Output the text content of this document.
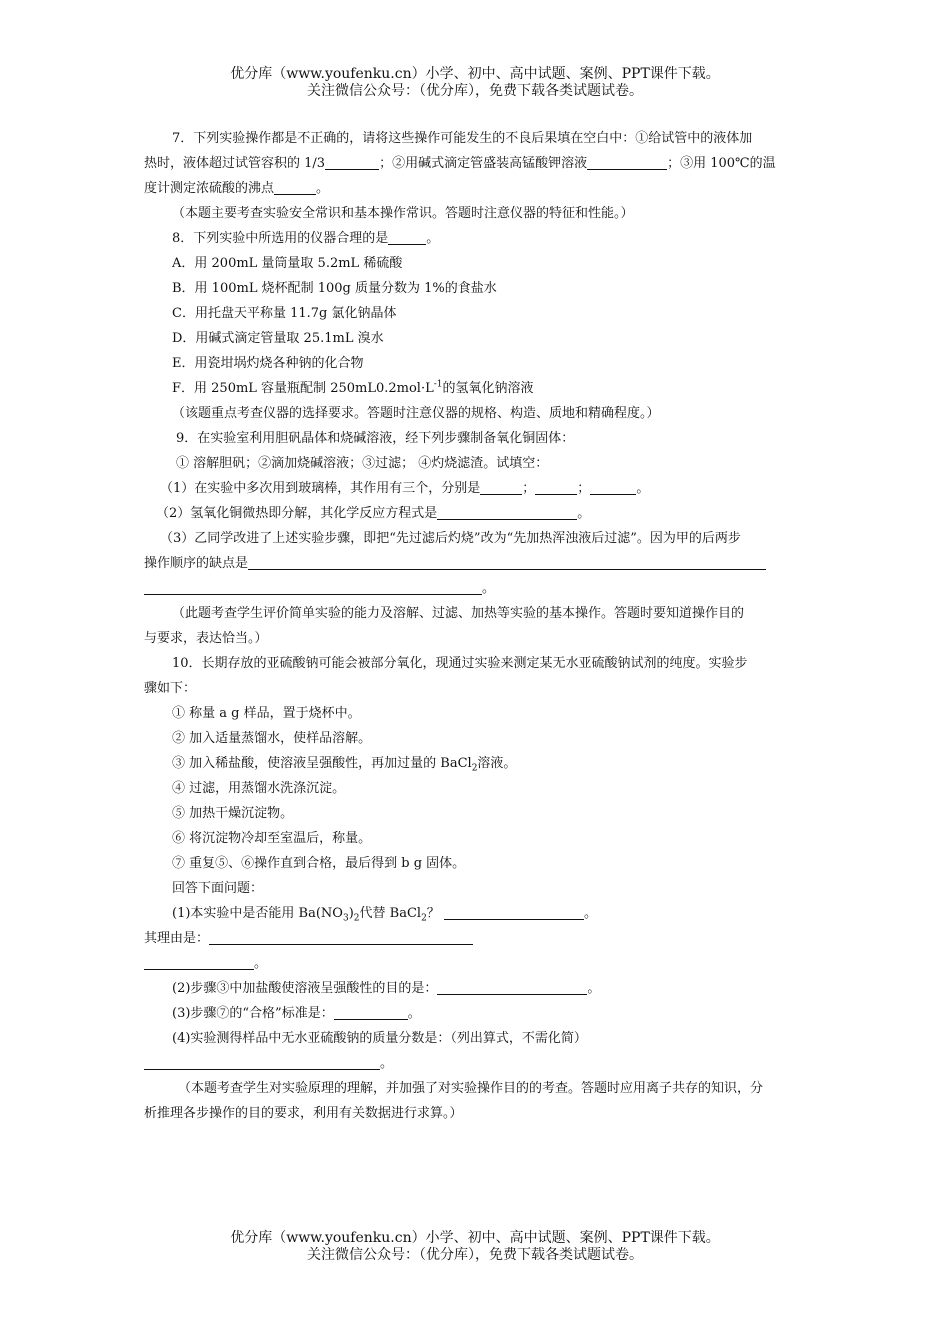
优分库（www.youfenku.cn）小学、初中、高中试题、案例、PPT课件下载。
关注微信公众号：（优分库），免费下载各类试题试卷。
7．下列实验操作都是不正确的，请将这些操作可能发生的不良后果填在空白中：①给试管中的液体加
热时，液体超过试管容积的 1/3	；②用碱式滴定管盛装高锰酸钾溶液	；③用 100℃的温
度计测定浓硫酸的沸点	。
（本题主要考查实验安全常识和基本操作常识。答题时注意仪器的特征和性能。）
8．下列实验中所选用的仪器合理的是	。
A．用 200mL 量筒量取 5.2mL 稀硫酸
B．用 100mL 烧杯配制 100g 质量分数为 1%的食盐水
C．用托盘天平称量 11.7g 氯化钠晶体
D．用碱式滴定管量取 25.1mL 溴水
E．用瓷坩埚灼烧各种钠的化合物
F．用 250mL 容量瓶配制 $250mL0.2mol\cdot L^{-1}$的氢氧化钠溶液
（该题重点考查仪器的选择要求。答题时注意仪器的规格、构造、质地和精确程度。）
9．在实验室利用胆矾晶体和烧碱溶液，经下列步骤制备氧化铜固体：
① 溶解胆矾；②滴加烧碱溶液；③过滤； ④灼烧滤渣。试填空：
（1）在实验中多次用到玻璃棒，其作用有三个，分别是	；	；	。
（2）氢氧化铜微热即分解，其化学反应方程式是	。
（3）乙同学改进了上述实验步骤，即把“先过滤后灼烧”改为“先加热浑浊液后过滤”。因为甲的后两步
操作顺序的缺点是
。
（此题考查学生评价简单实验的能力及溶解、过滤、加热等实验的基本操作。答题时要知道操作目的
与要求，表达恰当。）
10．长期存放的亚硫酸钠可能会被部分氧化，现通过实验来测定某无水亚硫酸钠试剂的纯度。实验步
骤如下：
① 称量 a g 样品，置于烧杯中。
② 加入适量蒸馏水，使样品溶解。
③ 加入稀盐酸，使溶液呈强酸性，再加过量的 BaCl$_2$溶液。
④ 过滤，用蒸馏水洗涤沉淀。
⑤ 加热干燥沉淀物。
⑥ 将沉淀物冷却至室温后，称量。
⑦ 重复⑤、⑥操作直到合格，最后得到 b g 固体。
回答下面问题：
(1)本实验中是否能用 $Ba(NO_3)_2$代替 BaCl$_2$？	。
其理由是：
。
(2)步骤③中加盐酸使溶液呈强酸性的目的是：	。
(3)步骤⑦的“合格”标准是：	。
(4)实验测得样品中无水亚硫酸钠的质量分数是：（列出算式，不需化简）
。
（本题考查学生对实验原理的理解，并加强了对实验操作目的的考查。答题时应用离子共存的知识，分
析推理各步操作的目的要求，利用有关数据进行求算。）
优分库（www.youfenku.cn）小学、初中、高中试题、案例、PPT课件下载。
关注微信公众号：（优分库），免费下载各类试题试卷。
